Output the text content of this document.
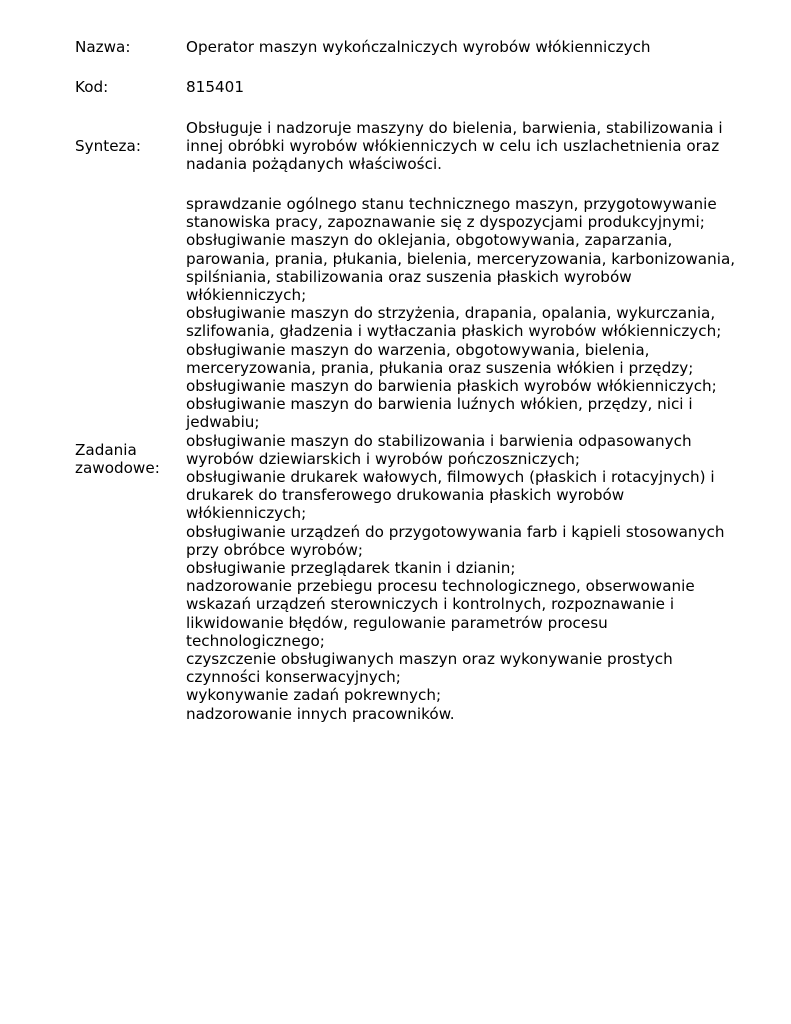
Nazwa:	Operator maszyn wykończalniczych wyrobów włókienniczych
Kod:	815401
Synteza:
Obsługuje i nadzoruje maszyny do bielenia, barwienia, stabilizowania i
innej obróbki wyrobów włókienniczych w celu ich uszlachetnienia oraz
nadania pożądanych właściwości.
Zadania
zawodowe:
sprawdzanie ogólnego stanu technicznego maszyn, przygotowywanie
stanowiska pracy, zapoznawanie się z dyspozycjami produkcyjnymi;
obsługiwanie maszyn do oklejania, obgotowywania, zaparzania,
parowania, prania, płukania, bielenia, merceryzowania, karbonizowania,
spilśniania, stabilizowania oraz suszenia płaskich wyrobów
włókienniczych;
obsługiwanie maszyn do strzyżenia, drapania, opalania, wykurczania,
szlifowania, gładzenia i wytłaczania płaskich wyrobów włókienniczych;
obsługiwanie maszyn do warzenia, obgotowywania, bielenia,
merceryzowania, prania, płukania oraz suszenia włókien i przędzy;
obsługiwanie maszyn do barwienia płaskich wyrobów włókienniczych;
obsługiwanie maszyn do barwienia luźnych włókien, przędzy, nici i
jedwabiu;
obsługiwanie maszyn do stabilizowania i barwienia odpasowanych
wyrobów dziewiarskich i wyrobów pończoszniczych;
obsługiwanie drukarek wałowych, filmowych (płaskich i rotacyjnych) i
drukarek do transferowego drukowania płaskich wyrobów
włókienniczych;
obsługiwanie urządzeń do przygotowywania farb i kąpieli stosowanych
przy obróbce wyrobów;
obsługiwanie przeglądarek tkanin i dzianin;
nadzorowanie przebiegu procesu technologicznego, obserwowanie
wskazań urządzeń sterowniczych i kontrolnych, rozpoznawanie i
likwidowanie błędów, regulowanie parametrów procesu
technologicznego;
czyszczenie obsługiwanych maszyn oraz wykonywanie prostych
czynności konserwacyjnych;
wykonywanie zadań pokrewnych;
nadzorowanie innych pracowników.
